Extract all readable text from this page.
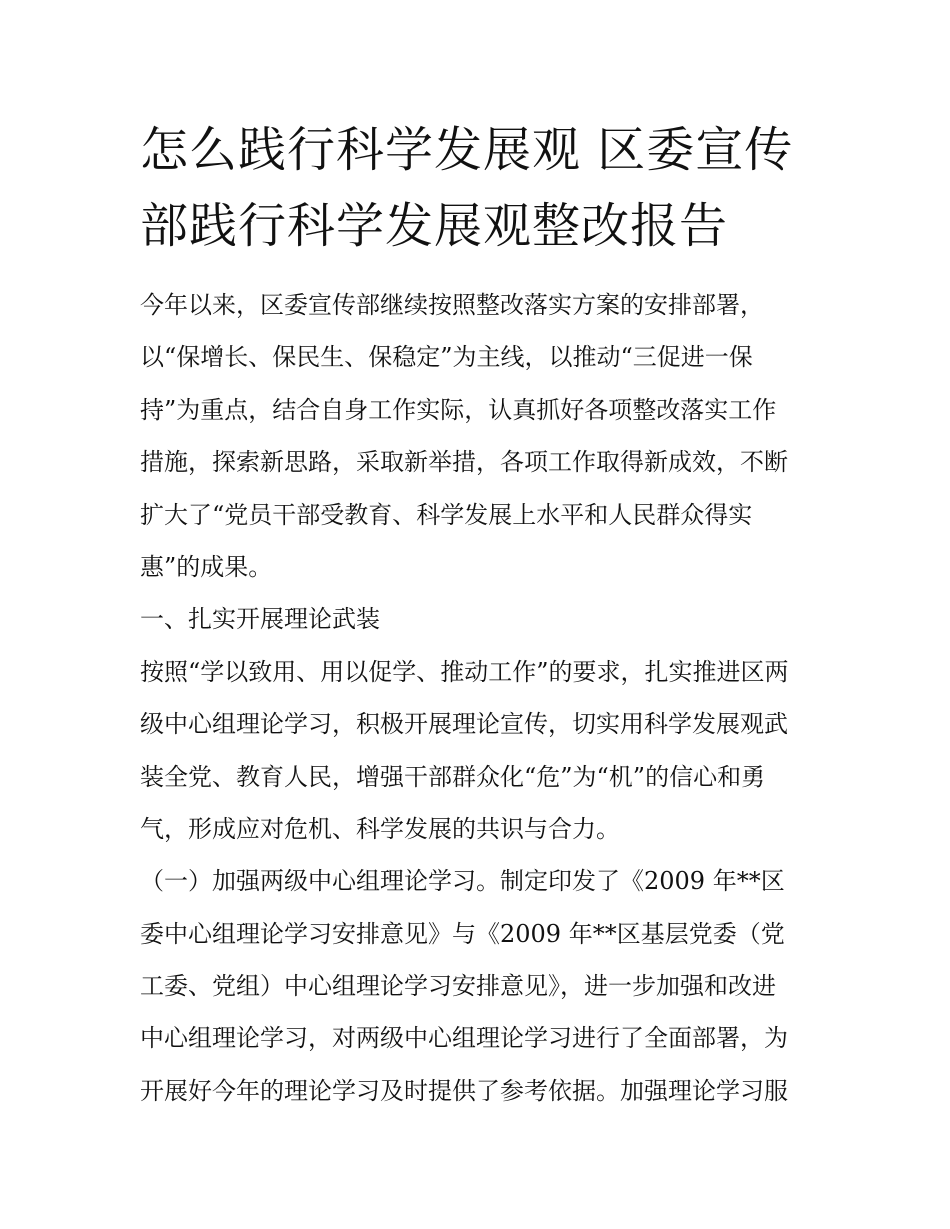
怎么践行科学发展观 区委宣传
部践行科学发展观整改报告
今年以来，区委宣传部继续按照整改落实方案的安排部署，
以“保增长、保民生、保稳定”为主线，以推动“三促进一保
持”为重点，结合自身工作实际，认真抓好各项整改落实工作
措施，探索新思路，采取新举措，各项工作取得新成效，不断
扩大了“党员干部受教育、科学发展上水平和人民群众得实
惠”的成果。
一、扎实开展理论武装
按照“学以致用、用以促学、推动工作”的要求，扎实推进区两
级中心组理论学习，积极开展理论宣传，切实用科学发展观武
装全党、教育人民，增强干部群众化“危”为“机”的信心和勇
气，形成应对危机、科学发展的共识与合力。
（一）加强两级中心组理论学习。制定印发了《2009 年**区
委中心组理论学习安排意见》与《2009 年**区基层党委（党
工委、党组）中心组理论学习安排意见》，进一步加强和改进
中心组理论学习，对两级中心组理论学习进行了全面部署，为
开展好今年的理论学习及时提供了参考依据。加强理论学习服
